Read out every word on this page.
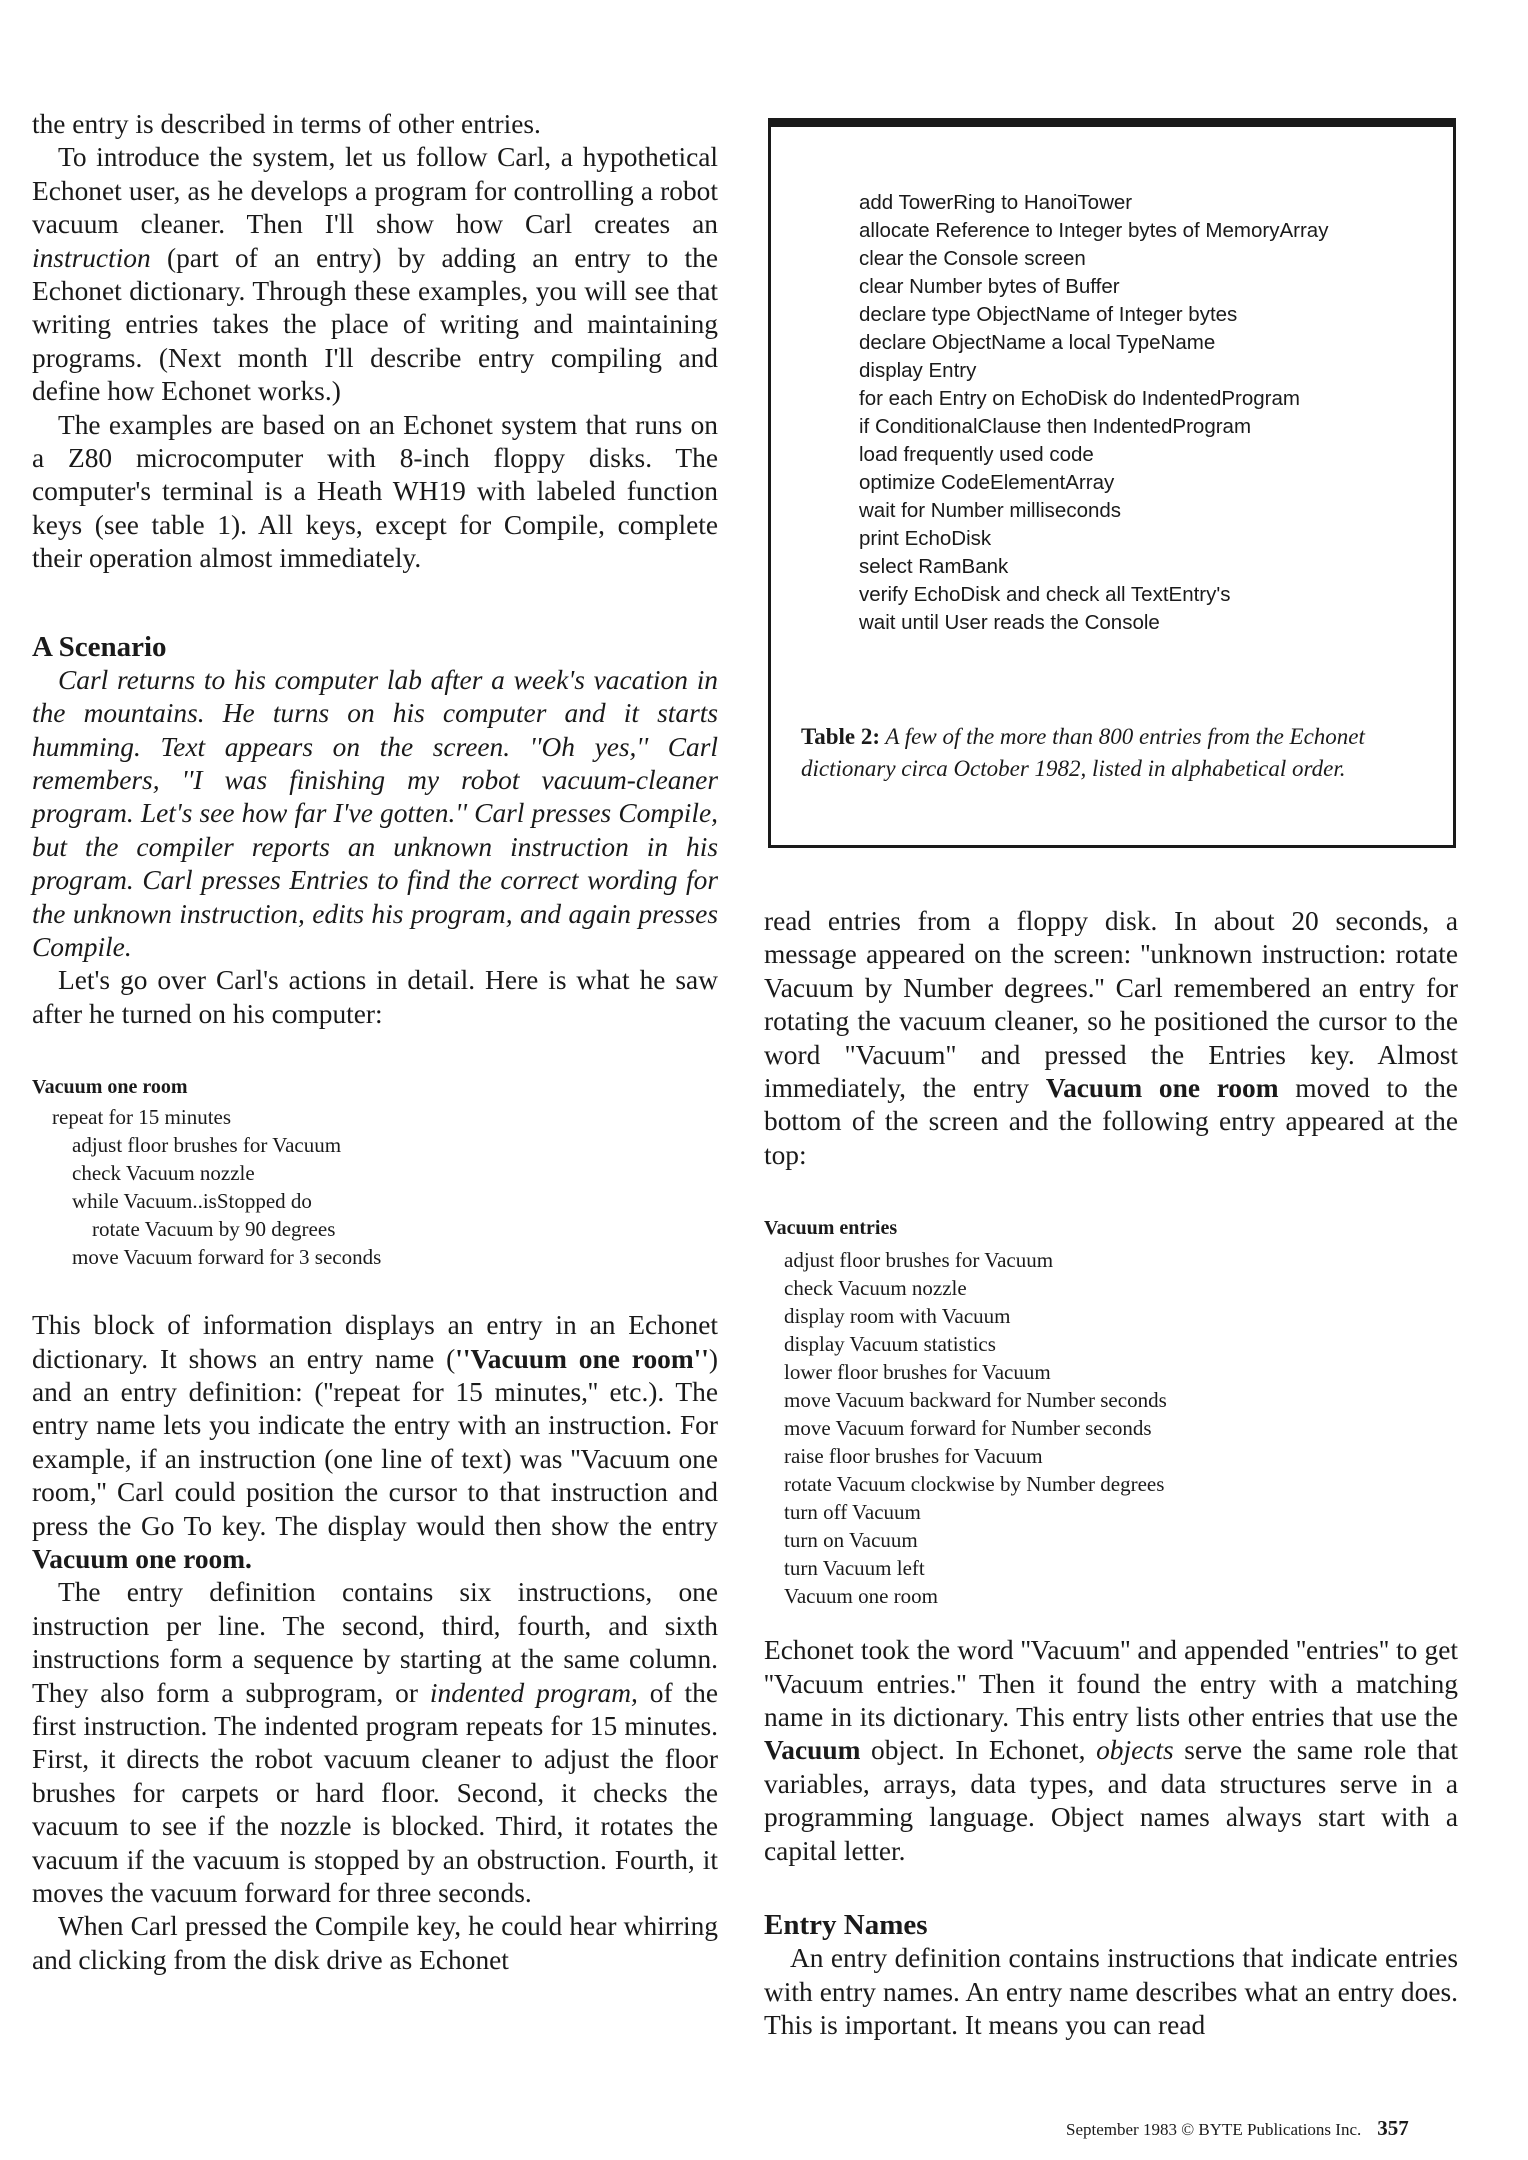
the entry is described in terms of other entries.

To introduce the system, let us follow Carl, a hypothetical Echonet user, as he develops a program for controlling a robot vacuum cleaner. Then I'll show how Carl creates an instruction (part of an entry) by adding an entry to the Echonet dictionary. Through these examples, you will see that writing entries takes the place of writing and maintaining programs. (Next month I'll describe entry compiling and define how Echonet works.)

The examples are based on an Echonet system that runs on a Z80 microcomputer with 8-inch floppy disks. The computer's terminal is a Heath WH19 with labeled function keys (see table 1). All keys, except for Compile, complete their operation almost immediately.

A Scenario

Carl returns to his computer lab after a week's vacation in the mountains. He turns on his computer and it starts humming. Text appears on the screen. ''Oh yes,'' Carl remembers, ''I was finishing my robot vacuum-cleaner program. Let's see how far I've gotten.'' Carl presses Compile, but the compiler reports an unknown instruction in his program. Carl presses Entries to find the correct wording for the unknown instruction, edits his program, and again presses Compile.

Let's go over Carl's actions in detail. Here is what he saw after he turned on his computer:

Vacuum one room
repeat for 15 minutes
adjust floor brushes for Vacuum
check Vacuum nozzle
while Vacuum..isStopped do
rotate Vacuum by 90 degrees
move Vacuum forward for 3 seconds

This block of information displays an entry in an Echonet dictionary. It shows an entry name (''Vacuum one room'') and an entry definition: (''repeat for 15 minutes,'' etc.). The entry name lets you indicate the entry with an instruction. For example, if an instruction (one line of text) was ''Vacuum one room,'' Carl could position the cursor to that instruction and press the Go To key. The display would then show the entry Vacuum one room.

The entry definition contains six instructions, one instruction per line. The second, third, fourth, and sixth instructions form a sequence by starting at the same column. They also form a subprogram, or indented program, of the first instruction. The indented program repeats for 15 minutes. First, it directs the robot vacuum cleaner to adjust the floor brushes for carpets or hard floor. Second, it checks the vacuum to see if the nozzle is blocked. Third, it rotates the vacuum if the vacuum is stopped by an obstruction. Fourth, it moves the vacuum forward for three seconds.

When Carl pressed the Compile key, he could hear whirring and clicking from the disk drive as Echonet

add TowerRing to HanoiTower
allocate Reference to Integer bytes of MemoryArray
clear the Console screen
clear Number bytes of Buffer
declare type ObjectName of Integer bytes
declare ObjectName a local TypeName
display Entry
for each Entry on EchoDisk do IndentedProgram
if ConditionalClause then IndentedProgram
load frequently used code
optimize CodeElementArray
wait for Number milliseconds
print EchoDisk
select RamBank
verify EchoDisk and check all TextEntry's
wait until User reads the Console

Table 2: A few of the more than 800 entries from the Echonet dictionary circa October 1982, listed in alphabetical order.

read entries from a floppy disk. In about 20 seconds, a message appeared on the screen: ''unknown instruction: rotate Vacuum by Number degrees.'' Carl remembered an entry for rotating the vacuum cleaner, so he positioned the cursor to the word "Vacuum" and pressed the Entries key. Almost immediately, the entry Vacuum one room moved to the bottom of the screen and the following entry appeared at the top:

Vacuum entries
adjust floor brushes for Vacuum
check Vacuum nozzle
display room with Vacuum
display Vacuum statistics
lower floor brushes for Vacuum
move Vacuum backward for Number seconds
move Vacuum forward for Number seconds
raise floor brushes for Vacuum
rotate Vacuum clockwise by Number degrees
turn off Vacuum
turn on Vacuum
turn Vacuum left
Vacuum one room

Echonet took the word ''Vacuum'' and appended ''entries'' to get ''Vacuum entries.'' Then it found the entry with a matching name in its dictionary. This entry lists other entries that use the Vacuum object. In Echonet, objects serve the same role that variables, arrays, data types, and data structures serve in a programming language. Object names always start with a capital letter.

Entry Names

An entry definition contains instructions that indicate entries with entry names. An entry name describes what an entry does. This is important. It means you can read

September 1983 © BYTE Publications Inc. 357
